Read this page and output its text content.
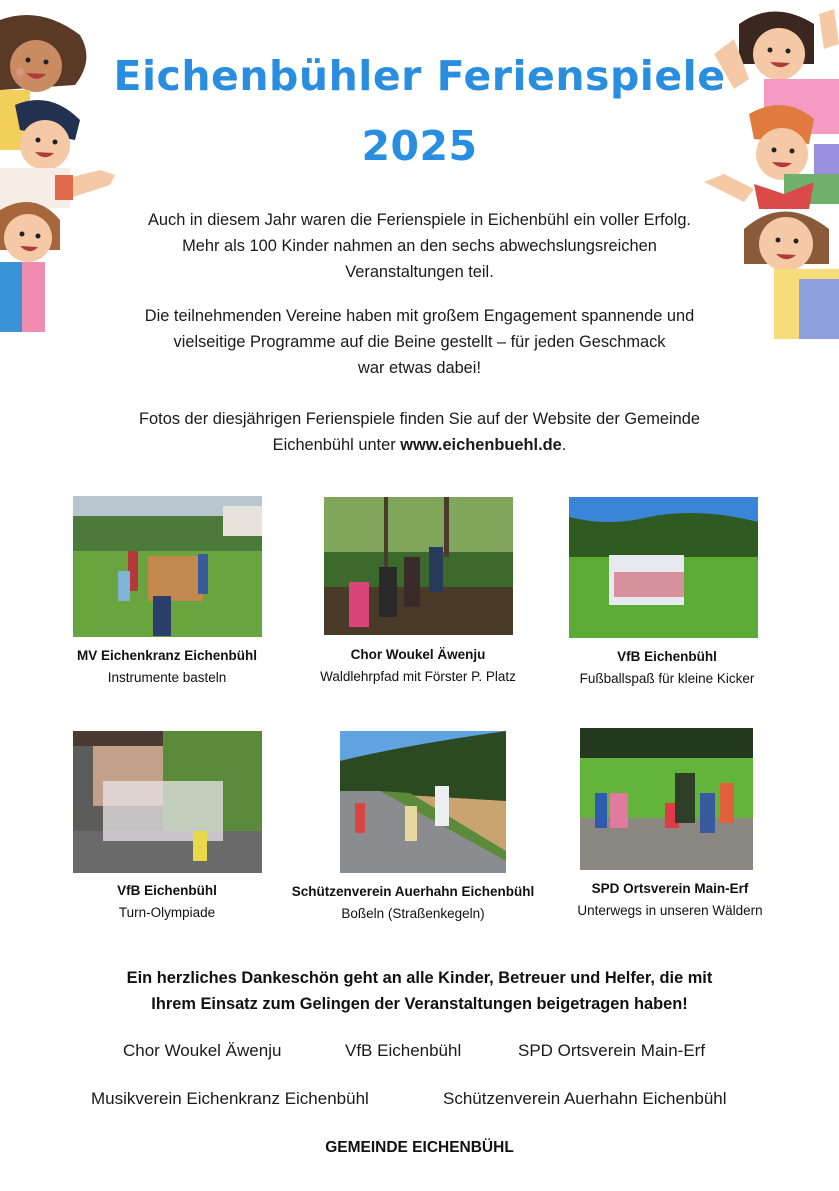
Eichenbühler Ferienspiele
2025
Auch in diesem Jahr waren die Ferienspiele in Eichenbühl ein voller Erfolg.
Mehr als 100 Kinder nahmen an den sechs abwechslungsreichen
Veranstaltungen teil.
Die teilnehmenden Vereine haben mit großem Engagement spannende und
vielseitige Programme auf die Beine gestellt – für jeden Geschmack
war etwas dabei!
Fotos der diesjährigen Ferienspiele finden Sie auf der Website der Gemeinde
Eichenbühl unter www.eichenbuehl.de.
MV Eichenkranz Eichenbühl
Instrumente basteln
Chor Woukel Äwenju
Waldlehrpfad mit Förster P. Platz
VfB Eichenbühl
Fußballspaß für kleine Kicker
VfB Eichenbühl
Turn-Olympiade
Schützenverein Auerhahn Eichenbühl
Boßeln (Straßenkegeln)
SPD Ortsverein Main-Erf
Unterwegs in unseren Wäldern
Ein herzliches Dankeschön geht an alle Kinder, Betreuer und Helfer, die mit
Ihrem Einsatz zum Gelingen der Veranstaltungen beigetragen haben!
Chor Woukel Äwenju	VfB Eichenbühl	SPD Ortsverein Main-Erf
Musikverein Eichenkranz Eichenbühl	Schützenverein Auerhahn Eichenbühl
GEMEINDE EICHENBÜHL
